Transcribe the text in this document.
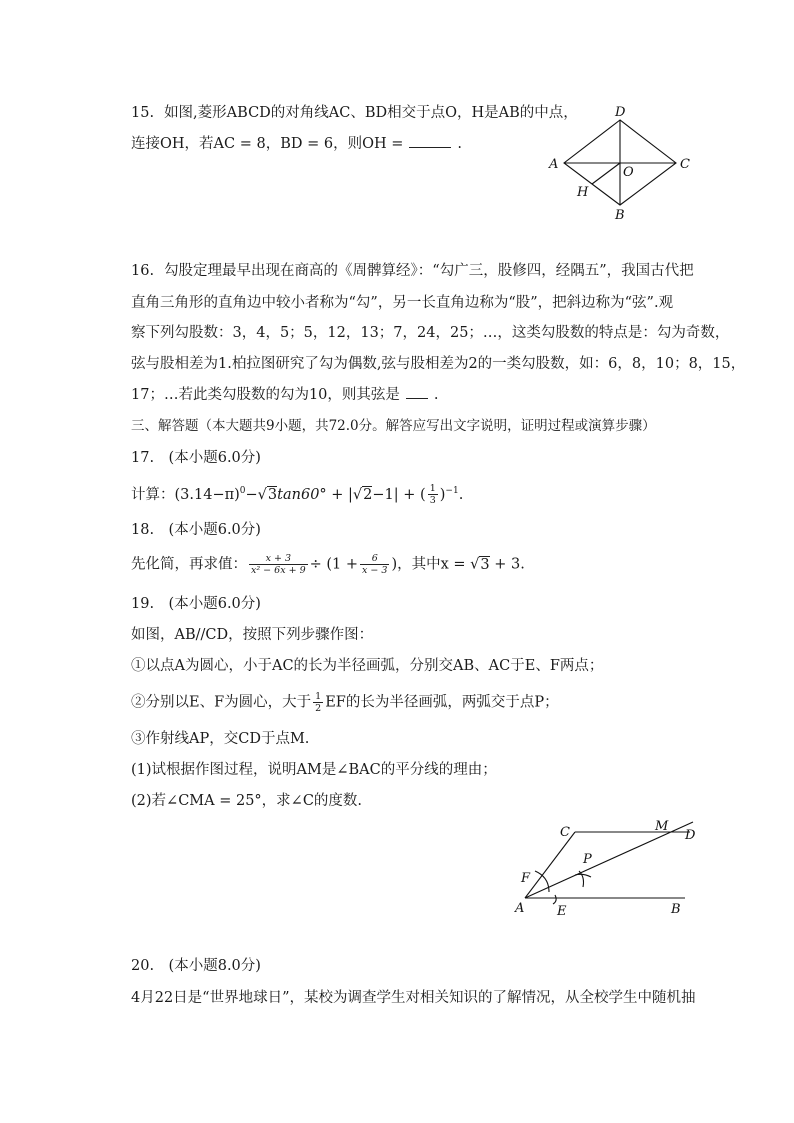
15. 如图,菱形ABCD的对角线AC、BD相交于点O，H是AB的中点，
连接OH，若AC = 8，BD = 6，则OH =	.
D
A	C
O
H
B
16. 勾股定理最早出现在商高的《周髀算经》：“勾广三，股修四，经隅五”，我国古代把
直角三角形的直角边中较小者称为“勾”，另一长直角边称为“股”，把斜边称为“弦”.观
察下列勾股数：3，4，5；5，12，13；7，24，25；…，这类勾股数的特点是：勾为奇数，
弦与股相差为1.柏拉图研究了勾为偶数,弦与股相差为2的一类勾股数，如：6，8，10；8，15，
17；…若此类勾股数的勾为10，则其弦是 .
三、解答题（本大题共9小题，共72.0分。解答应写出文字说明，证明过程或演算步骤）
17.　(本小题6.0分)
计算：$(3.14-\pi)^0-√3\tan 60^\circ + |√2-1|$ + ( $\frac{1}{3} )^{-1}$.
18.　(本小题6.0分)
先化简，再求值： $\frac{x + 3}{\text{x² − 6x + 9}} \div (1 + \frac{6}{x - 3}$ )，其中x = √3 + 3.
19.　(本小题6.0分)
如图，AB//CD，按照下列步骤作图：
①以点A为圆心，小于AC的长为半径画弧，分别交AB、AC于E、F两点；
②分别以E、F为圆心，大于 $\frac{1}{2}$ EF的长为半径画弧，两弧交于点P；
③作射线AP，交CD于点M.
(1)试根据作图过程，说明AM是∠BAC的平分线的理由；
(2)若∠CMA = 25°，求∠C的度数.
C	M
D
P
F
A	E	B
20.　(本小题8.0分)
4月22日是“世界地球日”，某校为调查学生对相关知识的了解情况，从全校学生中随机抽
